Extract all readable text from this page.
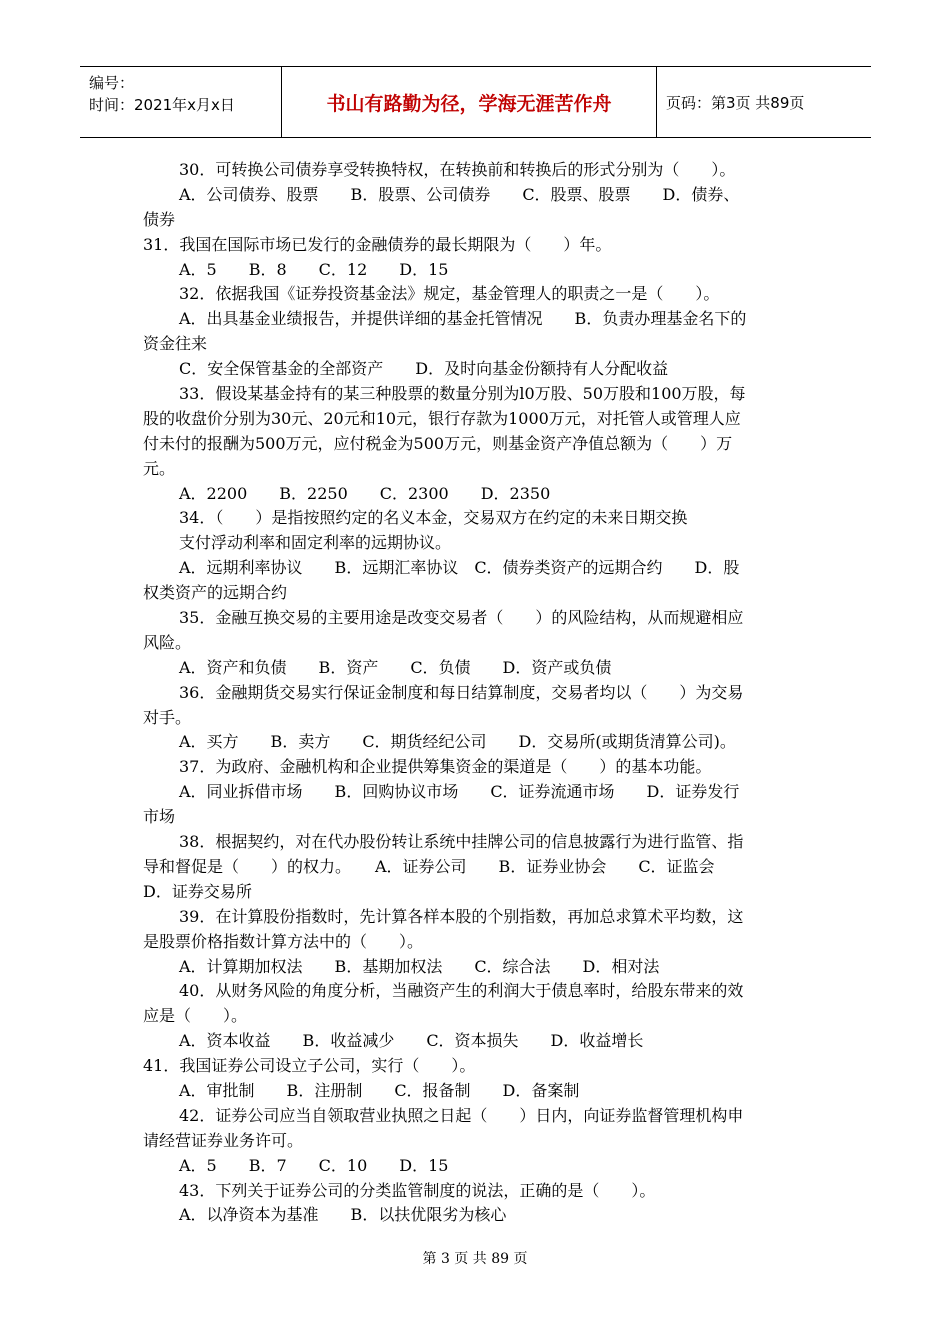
编号：
时间：2021年x月x日	书山有路勤为径，学海无涯苦作舟	页码：第3页 共89页
30．可转换公司债券享受转换特权，在转换前和转换后的形式分别为（　　）。
A．公司债券、股票　　B．股票、公司债券　　C．股票、股票　　D．债券、
债券
31．我国在国际市场已发行的金融债券的最长期限为（　　）年。
A．5　　B．8　　C．12　　D．15
32．依据我国《证券投资基金法》规定，基金管理人的职责之一是（　　）。
A．出具基金业绩报告，并提供详细的基金托管情况　　B．负责办理基金名下的
资金往来
C．安全保管基金的全部资产　　D．及时向基金份额持有人分配收益
33．假设某基金持有的某三种股票的数量分别为l0万股、50万股和100万股，每
股的收盘价分别为30元、20元和10元，银行存款为1000万元，对托管人或管理人应
付未付的报酬为500万元，应付税金为500万元，则基金资产净值总额为（　　）万
元。
A．2200　　B．2250　　C．2300　　D．2350
34．（　　）是指按照约定的名义本金，交易双方在约定的未来日期交换
支付浮动利率和固定利率的远期协议。
A．远期利率协议　　B．远期汇率协议　C．债券类资产的远期合约　　D．股
权类资产的远期合约
35．金融互换交易的主要用途是改变交易者（　　）的风险结构，从而规避相应
风险。
A．资产和负债　　B．资产　　C．负债　　D．资产或负债
36．金融期货交易实行保证金制度和每日结算制度，交易者均以（　　）为交易
对手。
A．买方　　B．卖方　　C．期货经纪公司　　D．交易所(或期货清算公司)。
37．为政府、金融机构和企业提供筹集资金的渠道是（　　）的基本功能。
A．同业拆借市场　　B．回购协议市场　　C．证券流通市场　　D．证券发行
市场
38．根据契约，对在代办股份转让系统中挂牌公司的信息披露行为进行监管、指
导和督促是（　　）的权力。　　A．证券公司　　B．证券业协会　　C．证监会
D．证券交易所
39．在计算股份指数时，先计算各样本股的个别指数，再加总求算术平均数，这
是股票价格指数计算方法中的（　　）。
A．计算期加权法　　B．基期加权法　　C．综合法　　D．相对法
40．从财务风险的角度分析，当融资产生的利润大于债息率时，给股东带来的效
应是（　　）。
A．资本收益　　B．收益减少　　C．资本损失　　D．收益增长
41．我国证券公司设立子公司，实行（　　）。
A．审批制　　B．注册制　　C．报备制　　D．备案制
42．证券公司应当自领取营业执照之日起（　　）日内，向证券监督管理机构申
请经营证券业务许可。
A．5　　B．7　　C．10　　D．15
43．下列关于证券公司的分类监管制度的说法，正确的是（　　）。
A．以净资本为基准　　B．以扶优限劣为核心
第 3 页 共 89 页
